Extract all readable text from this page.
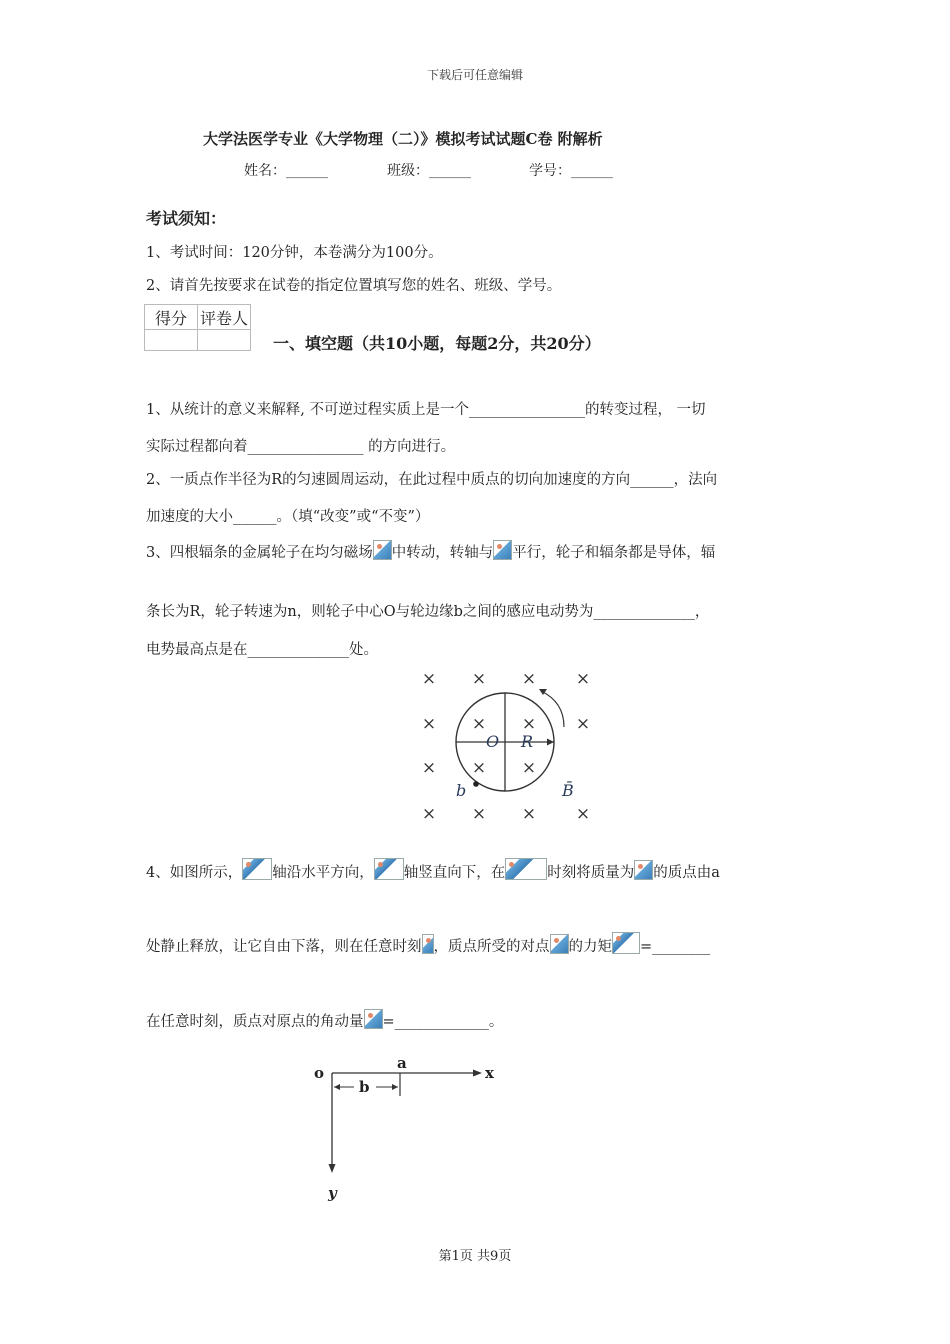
下载后可任意编辑
大学法医学专业《大学物理（二）》模拟考试试题C卷 附解析
姓名：______	班级：______	学号：______
考试须知：
1、考试时间：120分钟，本卷满分为100分。
2、请首先按要求在试卷的指定位置填写您的姓名、班级、学号。
得分	评卷人

一、填空题（共10小题，每题2分，共20分）
1、从统计的意义来解释, 不可逆过程实质上是一个________________的转变过程， 一切
实际过程都向着________________ 的方向进行。
2、一质点作半径为R的匀速圆周运动，在此过程中质点的切向加速度的方向______，法向
加速度的大小______。（填“改变”或“不变”）
3、四根辐条的金属轮子在均匀磁场 中转动，转轴与 平行，轮子和辐条都是导体，辐
条长为R，轮子转速为n，则轮子中心O与轮边缘b之间的感应电动势为______________，
电势最高点是在______________处。
× × × ×
× × × ×
× × ×
× × × ×
O R
b	B̄
4、如图所示， 轴沿水平方向， 轴竖直向下，在	时刻将质量为 的质点由a
处静止释放，让它自由下落，则在任意时刻 ，质点所受的对点 的力矩 =________
在任意时刻，质点对原点的角动量 =_____________。
o
a
b
x
y
第1页 共9页
